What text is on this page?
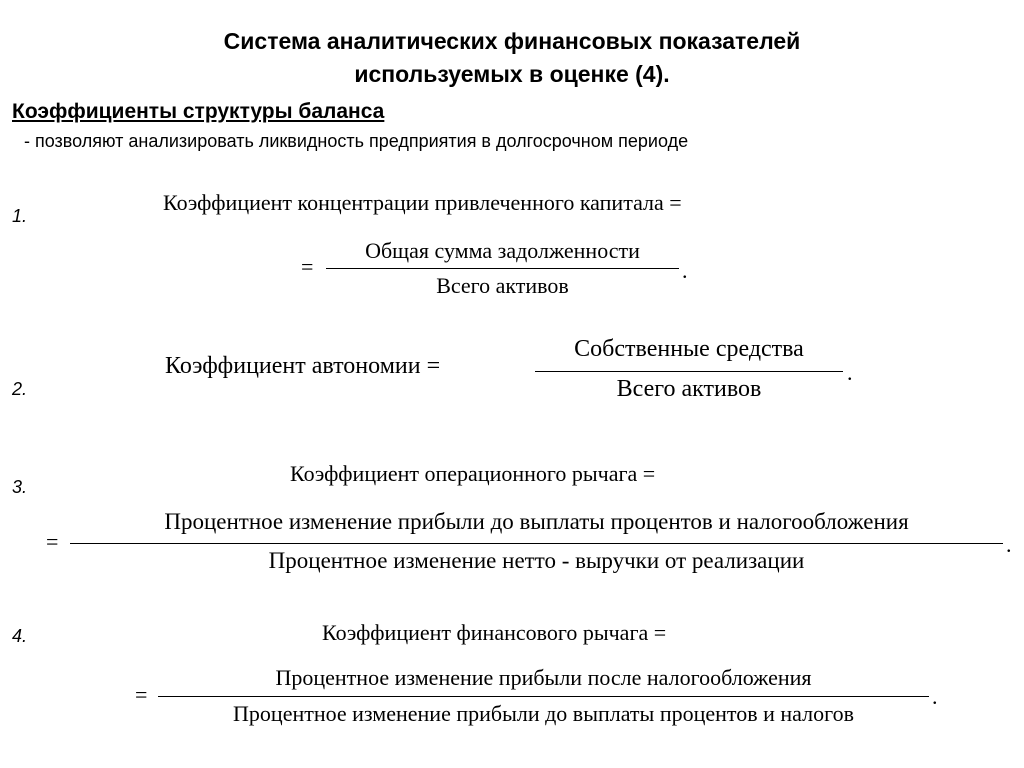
Система аналитических финансовых показателей
используемых в оценке (4).
Коэффициенты структуры баланса
- позволяют анализировать ликвидность предприятия в долгосрочном периоде
1.
Коэффициент концентрации привлеченного капитала =
=
Общая сумма задолженности
Всего активов
.
2.
Коэффициент автономии =
Собственные средства
Всего активов
.
3.
Коэффициент операционного рычага =
=
Процентное изменение прибыли до выплаты процентов и налогообложения
Процентное изменение нетто - выручки от реализации
.
4.	Коэффициент финансового рычага =
=
Процентное изменение прибыли после налогообложения
Процентное изменение прибыли до выплаты процентов и налогов
.
